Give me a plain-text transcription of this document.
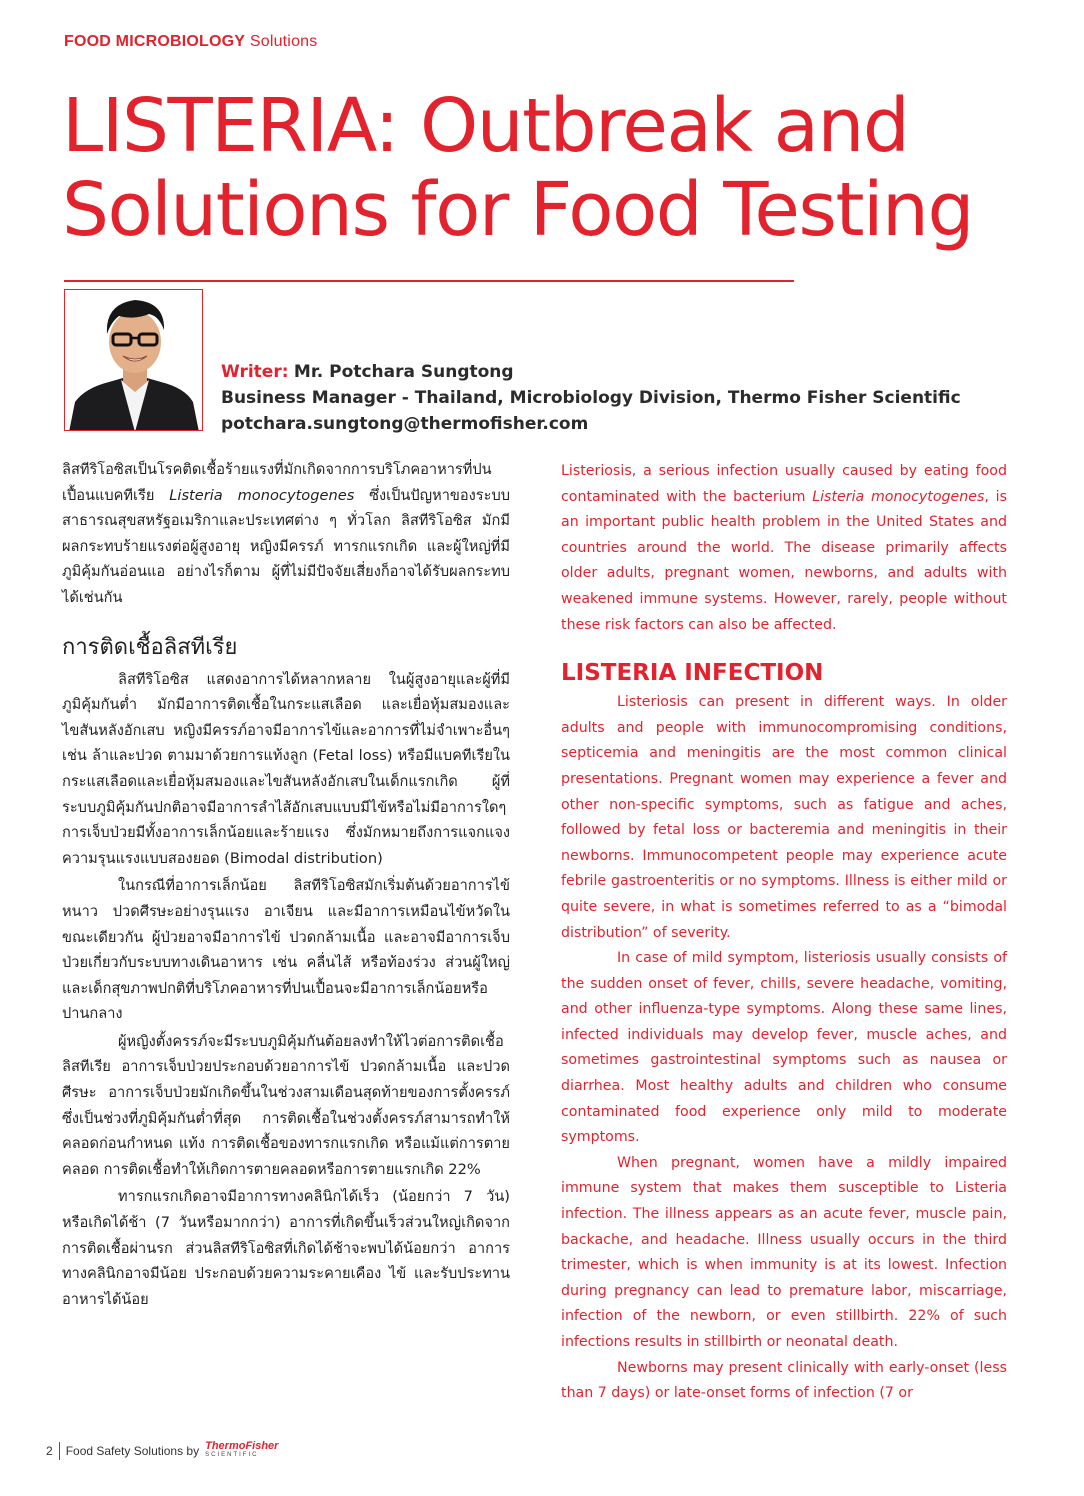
FOOD MICROBIOLOGY Solutions
LISTERIA: Outbreak and
Solutions for Food Testing
Writer: Mr. Potchara Sungtong
Business Manager - Thailand, Microbiology Division, Thermo Fisher Scientific
potchara.sungtong@thermofisher.com

ลิสทีริโอซิสเป็นโรคติดเชื้อร้ายแรงที่มักเกิดจากการบริโภคอาหารที่ปนเปื้อนแบคทีเรีย Listeria monocytogenes ซึ่งเป็นปัญหาของระบบสาธารณสุขสหรัฐอเมริกาและประเทศต่าง ๆ ทั่วโลก ลิสทีริโอซิส มักมีผลกระทบร้ายแรงต่อผู้สูงอายุ หญิงมีครรภ์ ทารกแรกเกิด และผู้ใหญ่ที่มีภูมิคุ้มกันอ่อนแอ อย่างไรก็ตาม ผู้ที่ไม่มีปัจจัยเสี่ยงก็อาจได้รับผลกระทบได้เช่นกัน

การติดเชื้อลิสทีเรีย

ลิสทีริโอซิส แสดงอาการได้หลากหลาย ในผู้สูงอายุและผู้ที่มีภูมิคุ้มกันต่ำ มักมีอาการติดเชื้อในกระแสเลือด และเยื่อหุ้มสมองและไขสันหลังอักเสบ หญิงมีครรภ์อาจมีอาการไข้และอาการที่ไม่จำเพาะอื่นๆ เช่น ล้าและปวด ตามมาด้วยการแท้งลูก (Fetal loss) หรือมีแบคทีเรียในกระแสเลือดและเยื่อหุ้มสมองและไขสันหลังอักเสบในเด็กแรกเกิด ผู้ที่ระบบภูมิคุ้มกันปกติอาจมีอาการลำไส้อักเสบแบบมีไข้หรือไม่มีอาการใดๆ การเจ็บป่วยมีทั้งอาการเล็กน้อยและร้ายแรง ซึ่งมักหมายถึงการแจกแจงความรุนแรงแบบสองยอด (Bimodal distribution)

ในกรณีที่อาการเล็กน้อย ลิสทีริโอซิสมักเริ่มต้นด้วยอาการไข้หนาว ปวดศีรษะอย่างรุนแรง อาเจียน และมีอาการเหมือนไข้หวัดในขณะเดียวกัน ผู้ป่วยอาจมีอาการไข้ ปวดกล้ามเนื้อ และอาจมีอาการเจ็บป่วยเกี่ยวกับระบบทางเดินอาหาร เช่น คลื่นไส้ หรือท้องร่วง ส่วนผู้ใหญ่และเด็กสุขภาพปกติที่บริโภคอาหารที่ปนเปื้อนจะมีอาการเล็กน้อยหรือปานกลาง

ผู้หญิงตั้งครรภ์จะมีระบบภูมิคุ้มกันต้อยลงทำให้ไวต่อการติดเชื้อลิสทีเรีย อาการเจ็บป่วยประกอบด้วยอาการไข้ ปวดกล้ามเนื้อ และปวดศีรษะ อาการเจ็บป่วยมักเกิดขึ้นในช่วงสามเดือนสุดท้ายของการตั้งครรภ์ ซึ่งเป็นช่วงที่ภูมิคุ้มกันต่ำที่สุด การติดเชื้อในช่วงตั้งครรภ์สามารถทำให้คลอดก่อนกำหนด แท้ง การติดเชื้อของทารกแรกเกิด หรือแม้แต่การตายคลอด การติดเชื้อทำให้เกิดการตายคลอดหรือการตายแรกเกิด 22%

ทารกแรกเกิดอาจมีอาการทางคลินิกได้เร็ว (น้อยกว่า 7 วัน) หรือเกิดได้ช้า (7 วันหรือมากกว่า) อาการที่เกิดขึ้นเร็วส่วนใหญ่เกิดจากการติดเชื้อผ่านรก ส่วนลิสทีริโอซิสที่เกิดได้ช้าจะพบได้น้อยกว่า อาการทางคลินิกอาจมีน้อย ประกอบด้วยความระคายเคือง ไข้ และรับประทานอาหารได้น้อย

Listeriosis, a serious infection usually caused by eating food contaminated with the bacterium Listeria monocytogenes, is an important public health problem in the United States and countries around the world. The disease primarily affects older adults, pregnant women, newborns, and adults with weakened immune systems. However, rarely, people without these risk factors can also be affected.

LISTERIA INFECTION

Listeriosis can present in different ways. In older adults and people with immunocompromising conditions, septicemia and meningitis are the most common clinical presentations. Pregnant women may experience a fever and other non-specific symptoms, such as fatigue and aches, followed by fetal loss or bacteremia and meningitis in their newborns. Immunocompetent people may experience acute febrile gastroenteritis or no symptoms. Illness is either mild or quite severe, in what is sometimes referred to as a “bimodal distribution” of severity.

In case of mild symptom, listeriosis usually consists of the sudden onset of fever, chills, severe headache, vomiting, and other influenza-type symptoms. Along these same lines, infected individuals may develop fever, muscle aches, and sometimes gastrointestinal symptoms such as nausea or diarrhea. Most healthy adults and children who consume contaminated food experience only mild to moderate symptoms.

When pregnant, women have a mildly impaired immune system that makes them susceptible to Listeria infection. The illness appears as an acute fever, muscle pain, backache, and headache. Illness usually occurs in the third trimester, which is when immunity is at its lowest. Infection during pregnancy can lead to premature labor, miscarriage, infection of the newborn, or even stillbirth. 22% of such infections results in stillbirth or neonatal death.

Newborns may present clinically with early-onset (less than 7 days) or late-onset forms of infection (7 or

2 Food Safety Solutions by ThermoFisher
SCIENTIFIC
